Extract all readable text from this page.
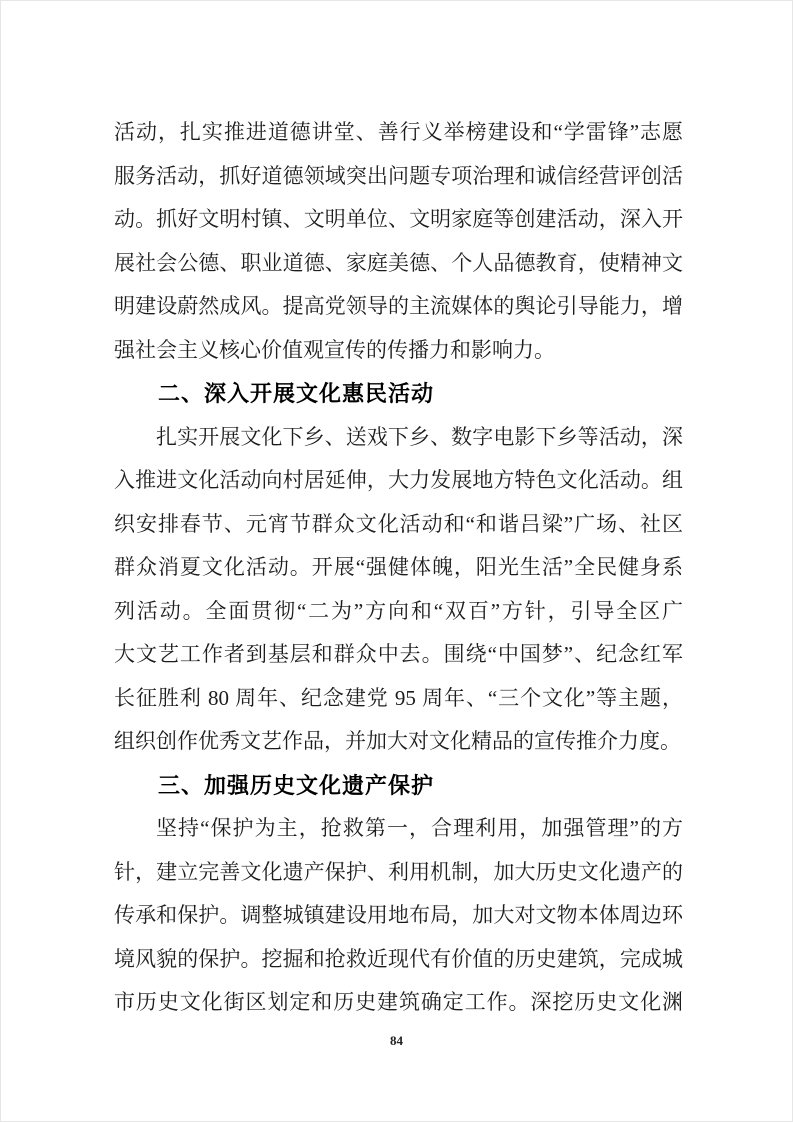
活动，扎实推进道德讲堂、善行义举榜建设和“学雷锋”志愿
服务活动，抓好道德领域突出问题专项治理和诚信经营评创活
动。抓好文明村镇、文明单位、文明家庭等创建活动，深入开
展社会公德、职业道德、家庭美德、个人品德教育，使精神文
明建设蔚然成风。提高党领导的主流媒体的舆论引导能力，增
强社会主义核心价值观宣传的传播力和影响力。
二、深入开展文化惠民活动
扎实开展文化下乡、送戏下乡、数字电影下乡等活动，深
入推进文化活动向村居延伸，大力发展地方特色文化活动。组
织安排春节、元宵节群众文化活动和“和谐吕梁”广场、社区
群众消夏文化活动。开展“强健体魄，阳光生活”全民健身系
列活动。全面贯彻“二为”方向和“双百”方针，引导全区广
大文艺工作者到基层和群众中去。围绕“中国梦”、纪念红军
长征胜利 80 周年、纪念建党 95 周年、“三个文化”等主题，
组织创作优秀文艺作品，并加大对文化精品的宣传推介力度。
三、加强历史文化遗产保护
坚持“保护为主，抢救第一，合理利用，加强管理”的方
针，建立完善文化遗产保护、利用机制，加大历史文化遗产的
传承和保护。调整城镇建设用地布局，加大对文物本体周边环
境风貌的保护。挖掘和抢救近现代有价值的历史建筑，完成城
市历史文化街区划定和历史建筑确定工作。深挖历史文化渊
84
